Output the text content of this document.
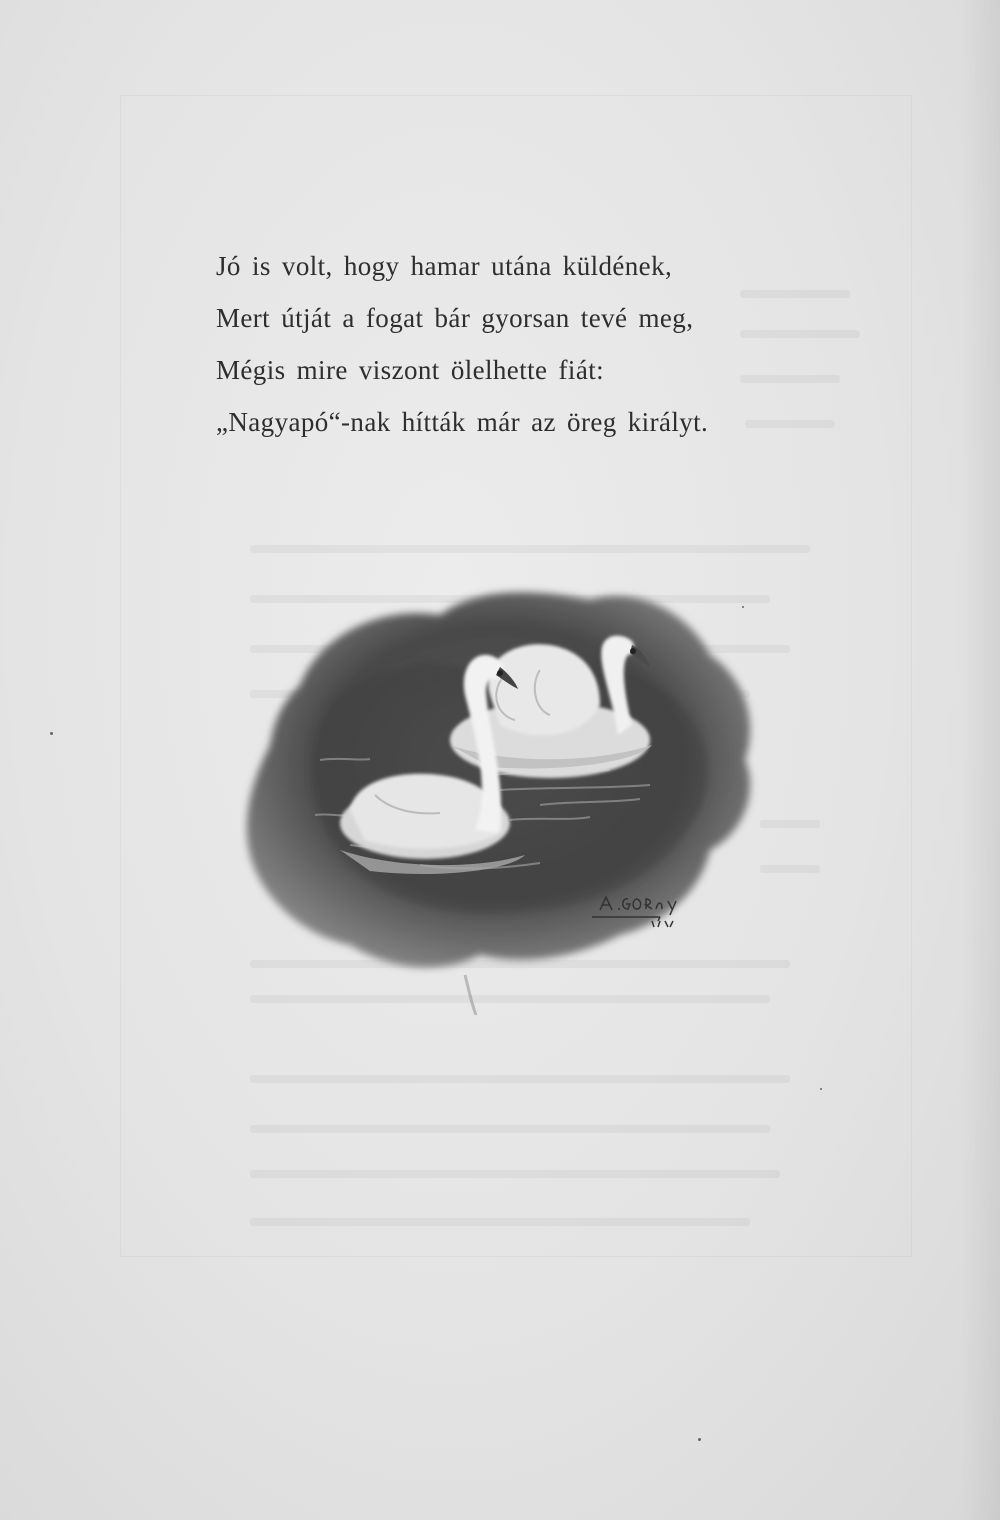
Jó is volt, hogy hamar utána küldének,
Mert útját a fogat bár gyorsan tevé meg,
Mégis mire viszont ölelhette fiát:
„Nagyapó“-nak hítták már az öreg királyt.
